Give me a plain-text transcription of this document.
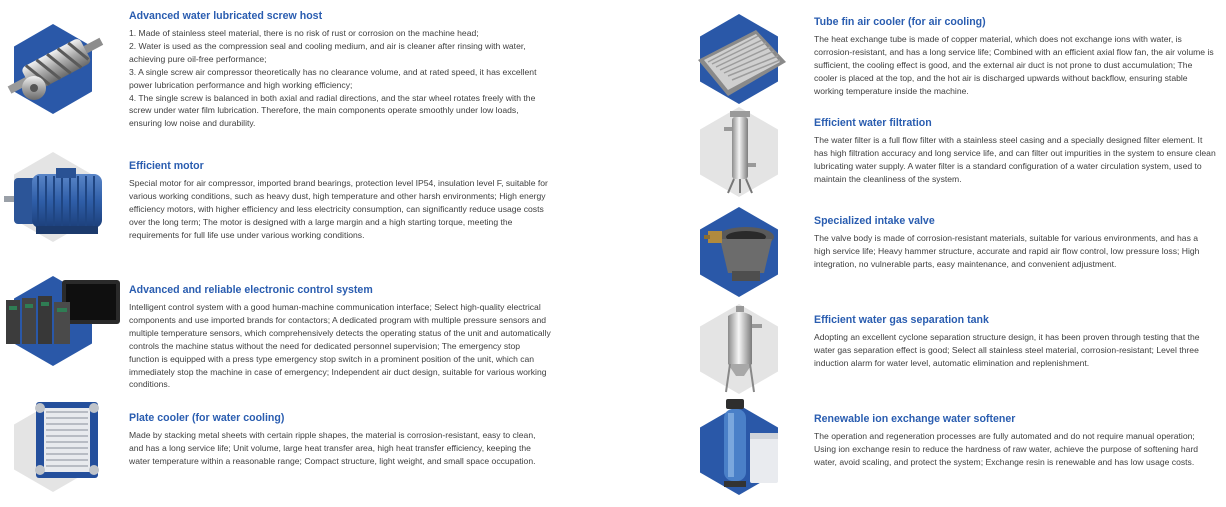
Advanced water lubricated screw host

1. Made of stainless steel material, there is no risk of rust or corrosion on the machine head;

2. Water is used as the compression seal and cooling medium, and air is cleaner after rinsing with water, achieving pure oil-free performance;

3. A single screw air compressor theoretically has no clearance volume, and at rated speed, it has excellent power lubrication performance and high working efficiency;

4. The single screw is balanced in both axial and radial directions, and the star wheel rotates freely with the screw under water film lubrication. Therefore, the main components operate smoothly under low loads, ensuring low noise and durability.

Efficient motor

Special motor for air compressor, imported brand bearings, protection level IP54, insulation level F, suitable for various working conditions, such as heavy dust, high temperature and other harsh environments; High energy efficiency motors, with higher efficiency and less electricity consumption, can significantly reduce usage costs over the long term; The motor is designed with a large margin and a high starting torque, meeting the requirements for full life use under various working conditions.

Advanced and reliable electronic control system

Intelligent control system with a good human-machine communication interface; Select high-quality electrical components and use imported brands for contactors; A dedicated program with multiple pressure sensors and multiple temperature sensors, which comprehensively detects the operating status of the unit and automatically controls the machine status without the need for dedicated personnel supervision; The emergency stop function is equipped with a press type emergency stop switch in a prominent position of the unit, which can immediately stop the machine in case of emergency; Independent air duct design, suitable for various working conditions.

Plate cooler (for water cooling)

Made by stacking metal sheets with certain ripple shapes, the material is corrosion-resistant, easy to clean, and has a long service life; Unit volume, large heat transfer area, high heat transfer efficiency, keeping the water temperature within a reasonable range; Compact structure, light weight, and small space occupation.

Tube fin air cooler (for air cooling)

The heat exchange tube is made of copper material, which does not exchange ions with water, is corrosion-resistant, and has a long service life; Combined with an efficient axial flow fan, the air volume is sufficient, the cooling effect is good, and the external air duct is not prone to dust accumulation; The cooler is placed at the top, and the hot air is discharged upwards without backflow, ensuring stable working temperature inside the machine.

Efficient water filtration

The water filter is a full flow filter with a stainless steel casing and a specially designed filter element. It has high filtration accuracy and long service life, and can filter out impurities in the system to ensure clean lubricating water supply. A water filter is a standard configuration of a water circulation system, used to maintain the cleanliness of the system.

Specialized intake valve

The valve body is made of corrosion-resistant materials, suitable for various environments, and has a high service life; Heavy hammer structure, accurate and rapid air flow control, low pressure loss; High integration, no vulnerable parts, easy maintenance, and convenient adjustment.

Efficient water gas separation tank

Adopting an excellent cyclone separation structure design, it has been proven through testing that the water gas separation effect is good; Select all stainless steel material, corrosion-resistant; Level three induction alarm for water level, automatic elimination and replenishment.

Renewable ion exchange water softener

The operation and regeneration processes are fully automated and do not require manual operation; Using ion exchange resin to reduce the hardness of raw water, achieve the purpose of softening hard water, avoid scaling, and protect the system; Exchange resin is renewable and has low usage costs.
